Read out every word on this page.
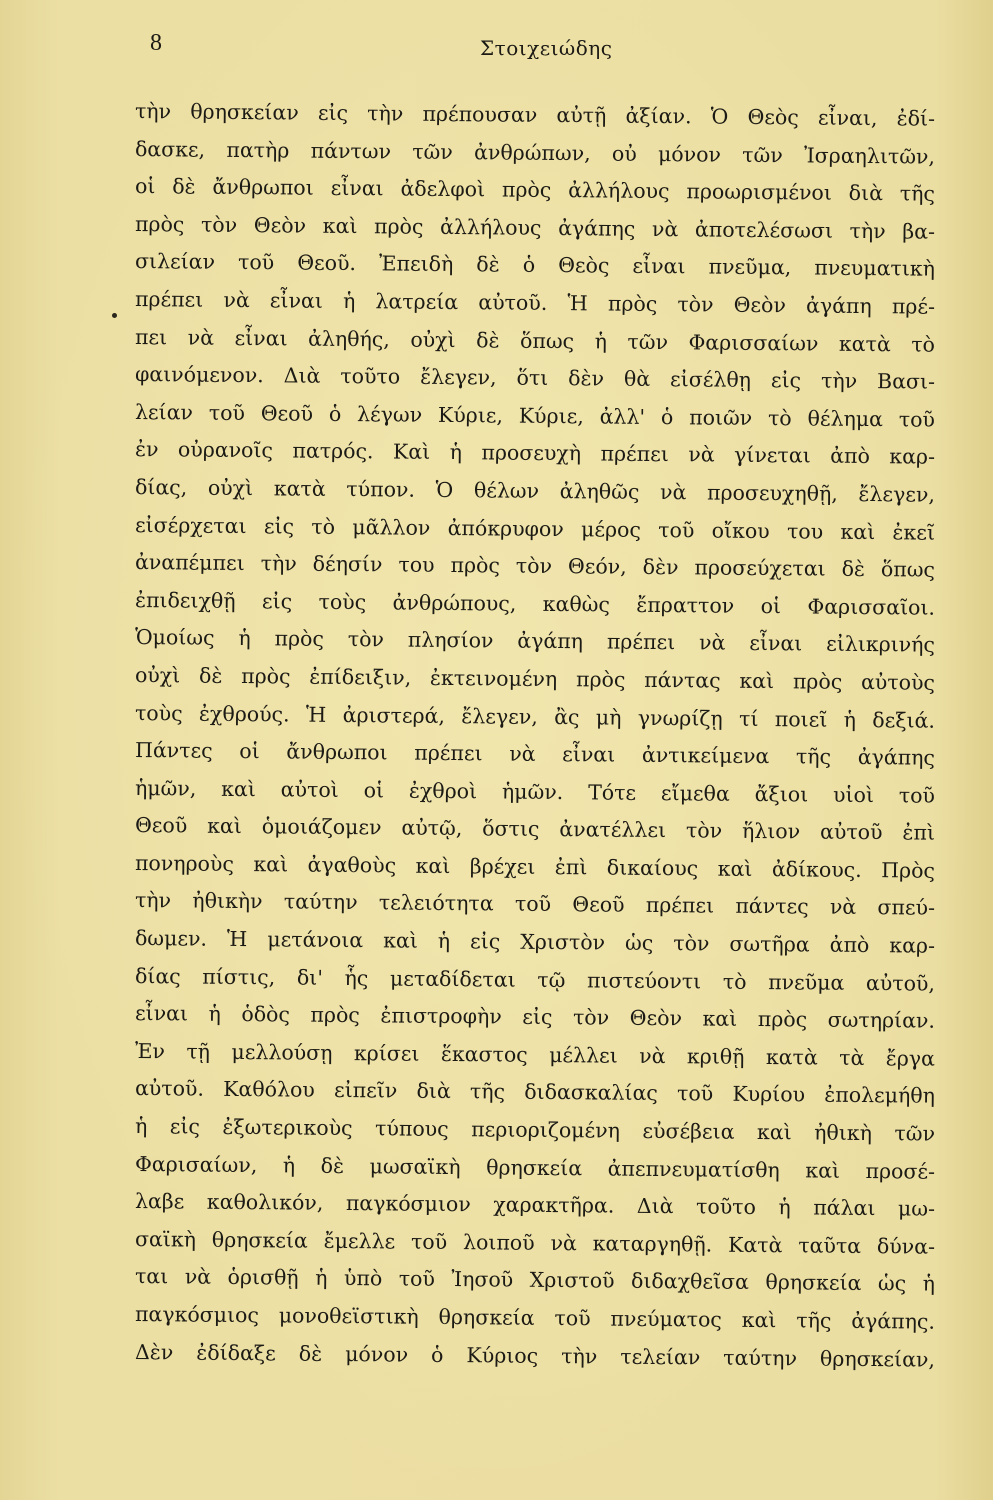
8	Στοιχειώδης
τὴν θρησκείαν εἰς τὴν πρέπουσαν αὐτῇ ἀξίαν. Ὁ Θεὸς εἶναι, ἐδί-
δασκε, πατὴρ πάντων τῶν ἀνθρώπων, οὐ μόνον τῶν Ἰσραηλιτῶν,
οἱ δὲ ἄνθρωποι εἶναι ἀδελφοὶ πρὸς ἀλλήλους προωρισμένοι διὰ τῆς
πρὸς τὸν Θεὸν καὶ πρὸς ἀλλήλους ἀγάπης νὰ ἀποτελέσωσι τὴν βα-
σιλείαν τοῦ Θεοῦ. Ἐπειδὴ δὲ ὁ Θεὸς εἶναι πνεῦμα, πνευματικὴ
πρέπει νὰ εἶναι ἡ λατρεία αὐτοῦ. Ἡ πρὸς τὸν Θεὸν ἀγάπη πρέ-
πει νὰ εἶναι ἀληθής, οὐχὶ δὲ ὅπως ἡ τῶν Φαρισσαίων κατὰ τὸ
φαινόμενον. Διὰ τοῦτο ἔλεγεν, ὅτι δὲν θὰ εἰσέλθῃ εἰς τὴν Βασι-
λείαν τοῦ Θεοῦ ὁ λέγων Κύριε, Κύριε, ἀλλ' ὁ ποιῶν τὸ θέλημα τοῦ
ἐν οὐρανοῖς πατρός. Καὶ ἡ προσευχὴ πρέπει νὰ γίνεται ἀπὸ καρ-
δίας, οὐχὶ κατὰ τύπον. Ὁ θέλων ἀληθῶς νὰ προσευχηθῇ, ἔλεγεν,
εἰσέρχεται εἰς τὸ μᾶλλον ἀπόκρυφον μέρος τοῦ οἴκου του καὶ ἐκεῖ
ἀναπέμπει τὴν δέησίν του πρὸς τὸν Θεόν, δὲν προσεύχεται δὲ ὅπως
ἐπιδειχθῇ εἰς τοὺς ἀνθρώπους, καθὼς ἔπραττον οἱ Φαρισσαῖοι.
Ὁμοίως ἡ πρὸς τὸν πλησίον ἀγάπη πρέπει νὰ εἶναι εἰλικρινής
οὐχὶ δὲ πρὸς ἐπίδειξιν, ἐκτεινομένη πρὸς πάντας καὶ πρὸς αὐτοὺς
τοὺς ἐχθρούς. Ἡ ἀριστερά, ἔλεγεν, ἂς μὴ γνωρίζῃ τί ποιεῖ ἡ δεξιά.
Πάντες οἱ ἄνθρωποι πρέπει νὰ εἶναι ἀντικείμενα τῆς ἀγάπης
ἡμῶν, καὶ αὐτοὶ οἱ ἐχθροὶ ἡμῶν. Τότε εἴμεθα ἄξιοι υἱοὶ τοῦ
Θεοῦ καὶ ὁμοιάζομεν αὐτῷ, ὅστις ἀνατέλλει τὸν ἥλιον αὐτοῦ ἐπὶ
πονηροὺς καὶ ἀγαθοὺς καὶ βρέχει ἐπὶ δικαίους καὶ ἀδίκους. Πρὸς
τὴν ἠθικὴν ταύτην τελειότητα τοῦ Θεοῦ πρέπει πάντες νὰ σπεύ-
δωμεν. Ἡ μετάνοια καὶ ἡ εἰς Χριστὸν ὡς τὸν σωτῆρα ἀπὸ καρ-
δίας πίστις, δι' ἧς μεταδίδεται τῷ πιστεύοντι τὸ πνεῦμα αὐτοῦ,
εἶναι ἡ ὁδὸς πρὸς ἐπιστροφὴν εἰς τὸν Θεὸν καὶ πρὸς σωτηρίαν.
Ἐν τῇ μελλούσῃ κρίσει ἕκαστος μέλλει νὰ κριθῇ κατὰ τὰ ἔργα
αὐτοῦ. Καθόλου εἰπεῖν διὰ τῆς διδασκαλίας τοῦ Κυρίου ἐπολεμήθη
ἡ εἰς ἐξωτερικοὺς τύπους περιοριζομένη εὐσέβεια καὶ ἠθικὴ τῶν
Φαρισαίων, ἡ δὲ μωσαϊκὴ θρησκεία ἀπεπνευματίσθη καὶ προσέ-
λαβε καθολικόν, παγκόσμιον χαρακτῆρα. Διὰ τοῦτο ἡ πάλαι μω-
σαϊκὴ θρησκεία ἔμελλε τοῦ λοιποῦ νὰ καταργηθῇ. Κατὰ ταῦτα δύνα-
ται νὰ ὁρισθῇ ἡ ὑπὸ τοῦ Ἰησοῦ Χριστοῦ διδαχθεῖσα θρησκεία ὡς ἡ
παγκόσμιος μονοθεϊστικὴ θρησκεία τοῦ πνεύματος καὶ τῆς ἀγάπης.
Δὲν ἐδίδαξε δὲ μόνον ὁ Κύριος τὴν τελείαν ταύτην θρησκείαν,
